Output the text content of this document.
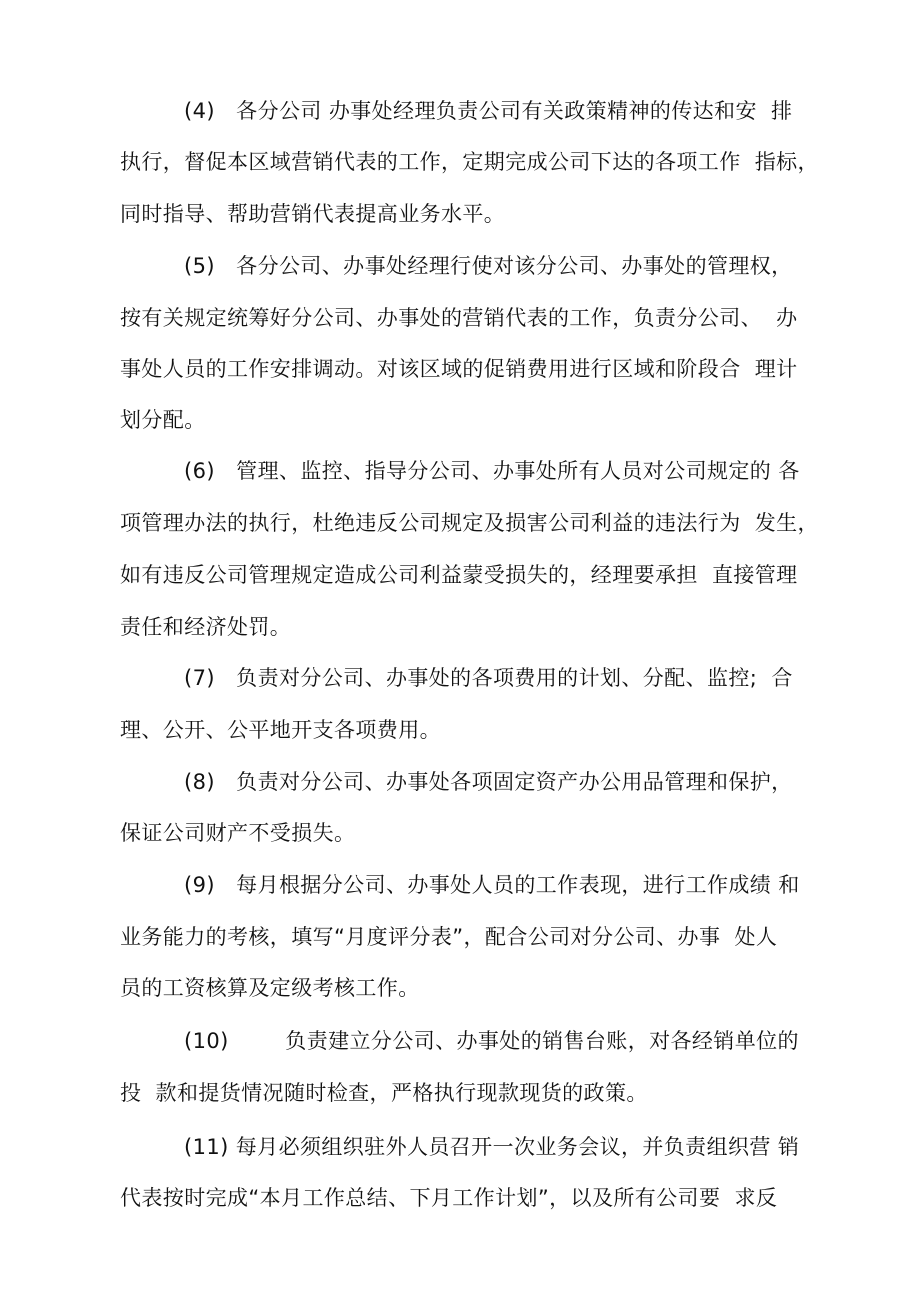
(4)   各分公司 办事处经理负责公司有关政策精神的传达和安  排
执行，督促本区域营销代表的工作，定期完成公司下达的各项工作  指标，
同时指导、帮助营销代表提高业务水平。
(5)   各分公司、办事处经理行使对该分公司、办事处的管理权，
按有关规定统筹好分公司、办事处的营销代表的工作，负责分公司、  办
事处人员的工作安排调动。对该区域的促销费用进行区域和阶段合  理计
划分配。
(6)   管理、监控、指导分公司、办事处所有人员对公司规定的 各
项管理办法的执行，杜绝违反公司规定及损害公司利益的违法行为  发生，
如有违反公司管理规定造成公司利益蒙受损失的，经理要承担  直接管理
责任和经济处罚。
(7)   负责对分公司、办事处的各项费用的计划、分配、监控;  合
理、公开、公平地开支各项费用。
(8)   负责对分公司、办事处各项固定资产办公用品管理和保护，
保证公司财产不受损失。
(9)   每月根据分公司、办事处人员的工作表现，进行工作成绩 和
业务能力的考核，填写“月度评分表”，配合公司对分公司、办事  处人
员的工资核算及定级考核工作。
(10)        负责建立分公司、办事处的销售台账，对各经销单位的
投  款和提货情况随时检查，严格执行现款现货的政策。
(11) 每月必须组织驻外人员召开一次业务会议，并负责组织营 销
代表按时完成“本月工作总结、下月工作计划”，以及所有公司要  求反
